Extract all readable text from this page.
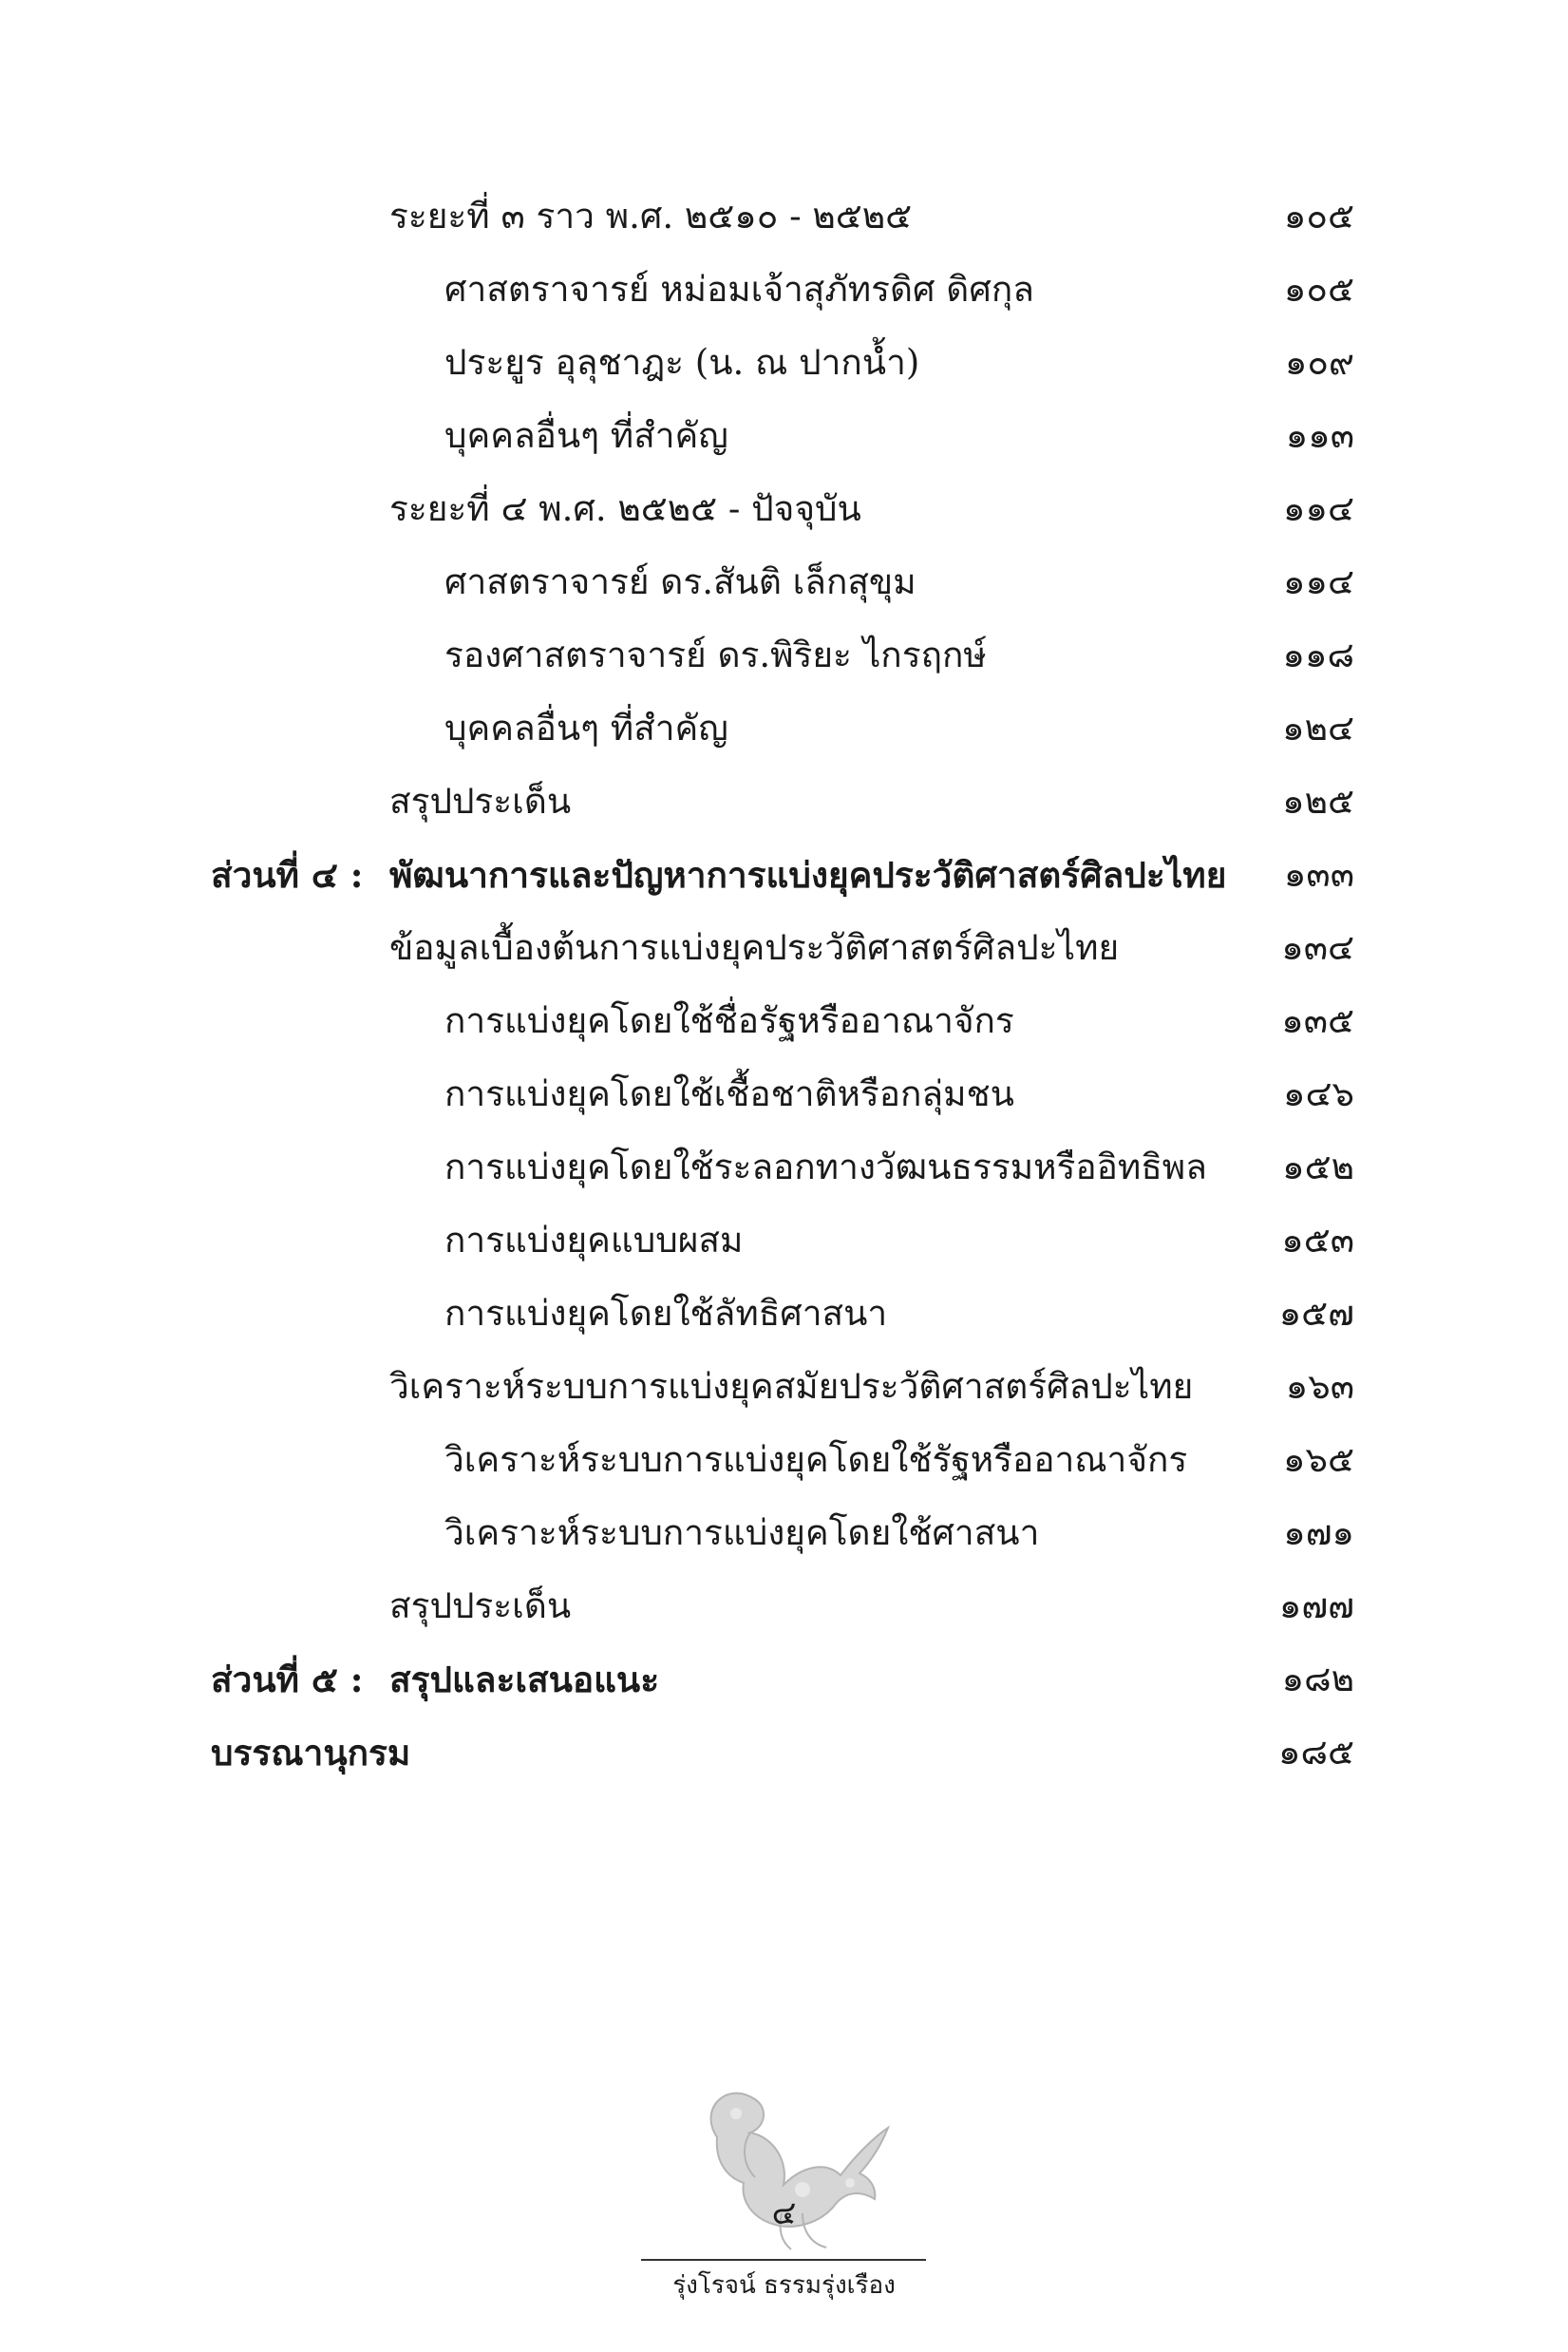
ระยะที่ ๓ ราว พ.ศ. ๒๕๑๐ - ๒๕๒๕	๑๐๕
ศาสตราจารย์ หม่อมเจ้าสุภัทรดิศ ดิศกุล	๑๐๕
ประยูร อุลุชาฎะ (น. ณ ปากน้ำ)	๑๐๙
บุคคลอื่นๆ ที่สำคัญ	๑๑๓
ระยะที่ ๔ พ.ศ. ๒๕๒๕ - ปัจจุบัน	๑๑๔
ศาสตราจารย์ ดร.สันติ เล็กสุขุม	๑๑๔
รองศาสตราจารย์ ดร.พิริยะ ไกรฤกษ์	๑๑๘
บุคคลอื่นๆ ที่สำคัญ	๑๒๔
สรุปประเด็น	๑๒๕
ส่วนที่ ๔ : พัฒนาการและปัญหาการแบ่งยุคประวัติศาสตร์ศิลปะไทย ๑๓๓
ข้อมูลเบื้องต้นการแบ่งยุคประวัติศาสตร์ศิลปะไทย	๑๓๔
การแบ่งยุคโดยใช้ชื่อรัฐหรืออาณาจักร	๑๓๕
การแบ่งยุคโดยใช้เชื้อชาติหรือกลุ่มชน	๑๔๖
การแบ่งยุคโดยใช้ระลอกทางวัฒนธรรมหรืออิทธิพล ๑๕๒
การแบ่งยุคแบบผสม	๑๕๓
การแบ่งยุคโดยใช้ลัทธิศาสนา	๑๕๗
วิเคราะห์ระบบการแบ่งยุคสมัยประวัติศาสตร์ศิลปะไทย	๑๖๓
วิเคราะห์ระบบการแบ่งยุคโดยใช้รัฐหรืออาณาจักร	๑๖๕
วิเคราะห์ระบบการแบ่งยุคโดยใช้ศาสนา	๑๗๑
สรุปประเด็น	๑๗๗
ส่วนที่ ๕ : สรุปและเสนอแนะ	๑๘๒
บรรณานุกรม	๑๘๕
๔
รุ่งโรจน์ ธรรมรุ่งเรือง
